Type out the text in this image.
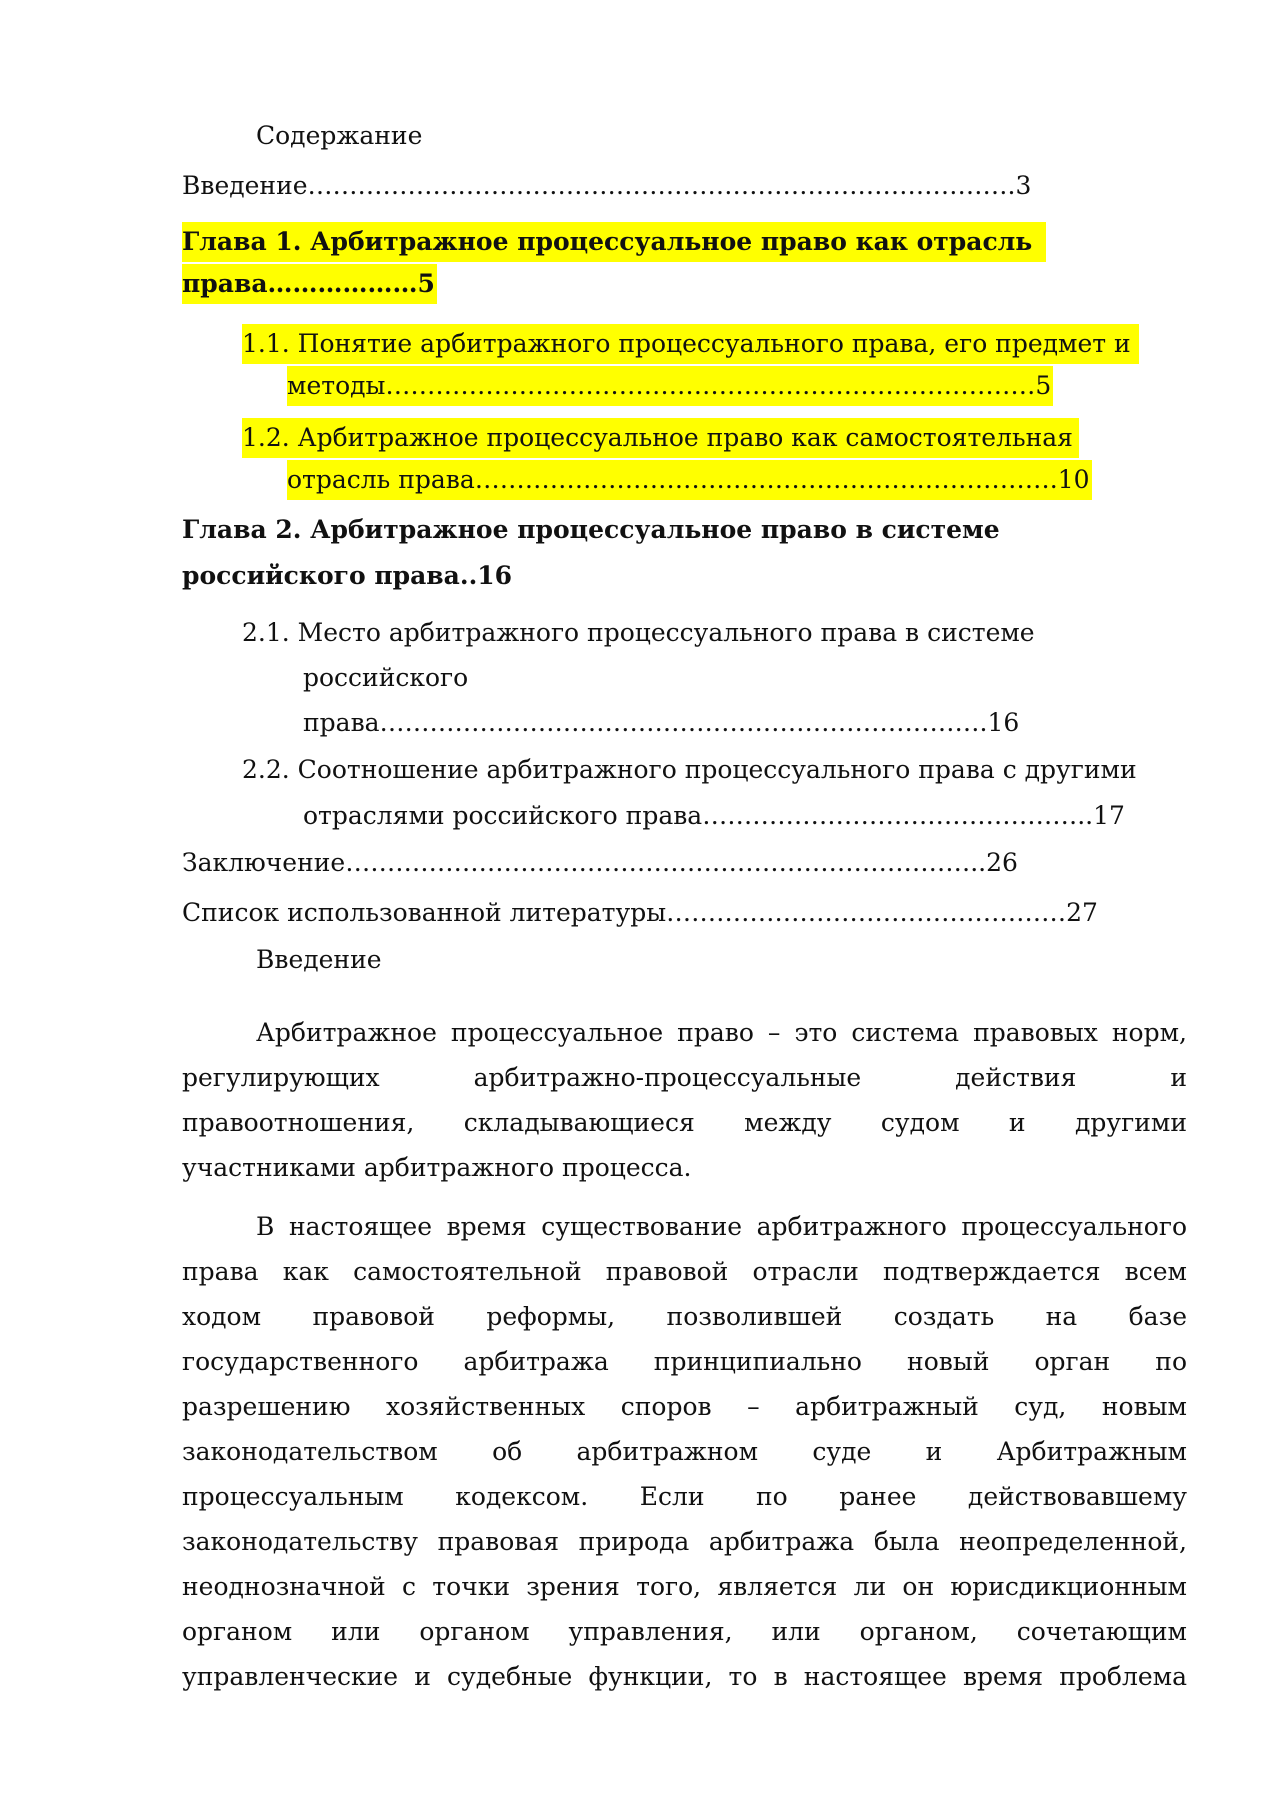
Содержание

Введение………………………………………………………………………….3

Глава 1. Арбитражное процессуальное право как отрасль

права………………5

1.1. Понятие арбитражного процессуального права, его предмет и

методы……………………………………………………………………5

1.2. Арбитражное процессуальное право как самостоятельная

отрасль права…………………………………………………………….10

Глава 2. Арбитражное процессуальное право в системе

российского права..16

2.1. Место арбитражного процессуального права в системе

российского

права……………………………………………………………….16

2.2. Соотношение арбитражного процессуального права с другими

отраслями российского права………………………………………..17

Заключение…………………………………………………………………..26

Список использованной литературы…………………………………………27

Введение

Арбитражное процессуальное право – это система правовых норм,

регулирующих арбитражно-процессуальные действия и

правоотношения, складывающиеся между судом и другими

участниками арбитражного процесса.

В настоящее время существование арбитражного процессуального

права как самостоятельной правовой отрасли подтверждается всем

ходом правовой реформы, позволившей создать на базе

государственного арбитража принципиально новый орган по

разрешению хозяйственных споров – арбитражный суд, новым

законодательством об арбитражном суде и Арбитражным

процессуальным кодексом. Если по ранее действовавшему

законодательству правовая природа арбитража была неопределенной,

неоднозначной с точки зрения того, является ли он юрисдикционным

органом или органом управления, или органом, сочетающим

управленческие и судебные функции, то в настоящее время проблема
